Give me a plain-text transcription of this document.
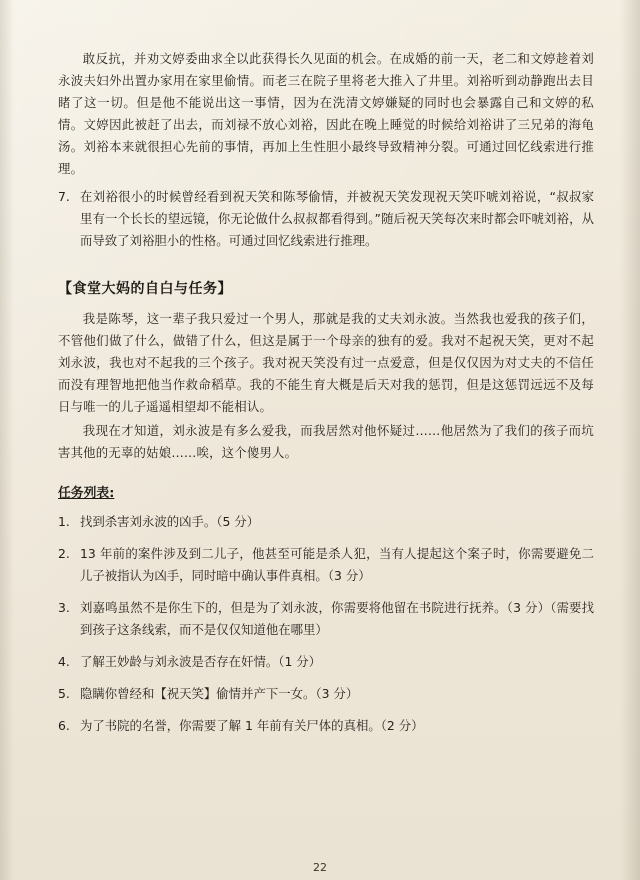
敢反抗，并劝文婷委曲求全以此获得长久见面的机会。在成婚的前一天，老二和文婷趁着刘永波夫妇外出置办家用在家里偷情。而老三在院子里将老大推入了井里。刘裕听到动静跑出去目睹了这一切。但是他不能说出这一事情，因为在洗清文婷嫌疑的同时也会暴露自己和文婷的私情。文婷因此被赶了出去，而刘禄不放心刘裕，因此在晚上睡觉的时候给刘裕讲了三兄弟的海龟汤。刘裕本来就很担心先前的事情，再加上生性胆小最终导致精神分裂。可通过回忆线索进行推理。

7. 在刘裕很小的时候曾经看到祝天笑和陈琴偷情，并被祝天笑发现祝天笑吓唬刘裕说，“叔叔家里有一个长长的望远镜，你无论做什么叔叔都看得到。”随后祝天笑每次来时都会吓唬刘裕，从而导致了刘裕胆小的性格。可通过回忆线索进行推理。
【食堂大妈的自白与任务】

我是陈琴，这一辈子我只爱过一个男人，那就是我的丈夫刘永波。当然我也爱我的孩子们，不管他们做了什么，做错了什么，但这是属于一个母亲的独有的爱。我对不起祝天笑，更对不起刘永波，我也对不起我的三个孩子。我对祝天笑没有过一点爱意，但是仅仅因为对丈夫的不信任而没有理智地把他当作救命稻草。我的不能生育大概是后天对我的惩罚，但是这惩罚远远不及每日与唯一的儿子遥遥相望却不能相认。

我现在才知道，刘永波是有多么爱我，而我居然对他怀疑过……他居然为了我们的孩子而坑害其他的无辜的姑娘……唉，这个傻男人。

任务列表:
1. 找到杀害刘永波的凶手。（5 分）
2. 13 年前的案件涉及到二儿子，他甚至可能是杀人犯，当有人提起这个案子时，你需要避免二儿子被指认为凶手，同时暗中确认事件真相。（3 分）
3. 刘嘉鸣虽然不是你生下的，但是为了刘永波，你需要将他留在书院进行抚养。（3 分）（需要找到孩子这条线索，而不是仅仅知道他在哪里）
4. 了解王妙龄与刘永波是否存在奸情。（1 分）
5. 隐瞒你曾经和【祝天笑】偷情并产下一女。（3 分）
6. 为了书院的名誉，你需要了解 1 年前有关尸体的真相。（2 分）
22
